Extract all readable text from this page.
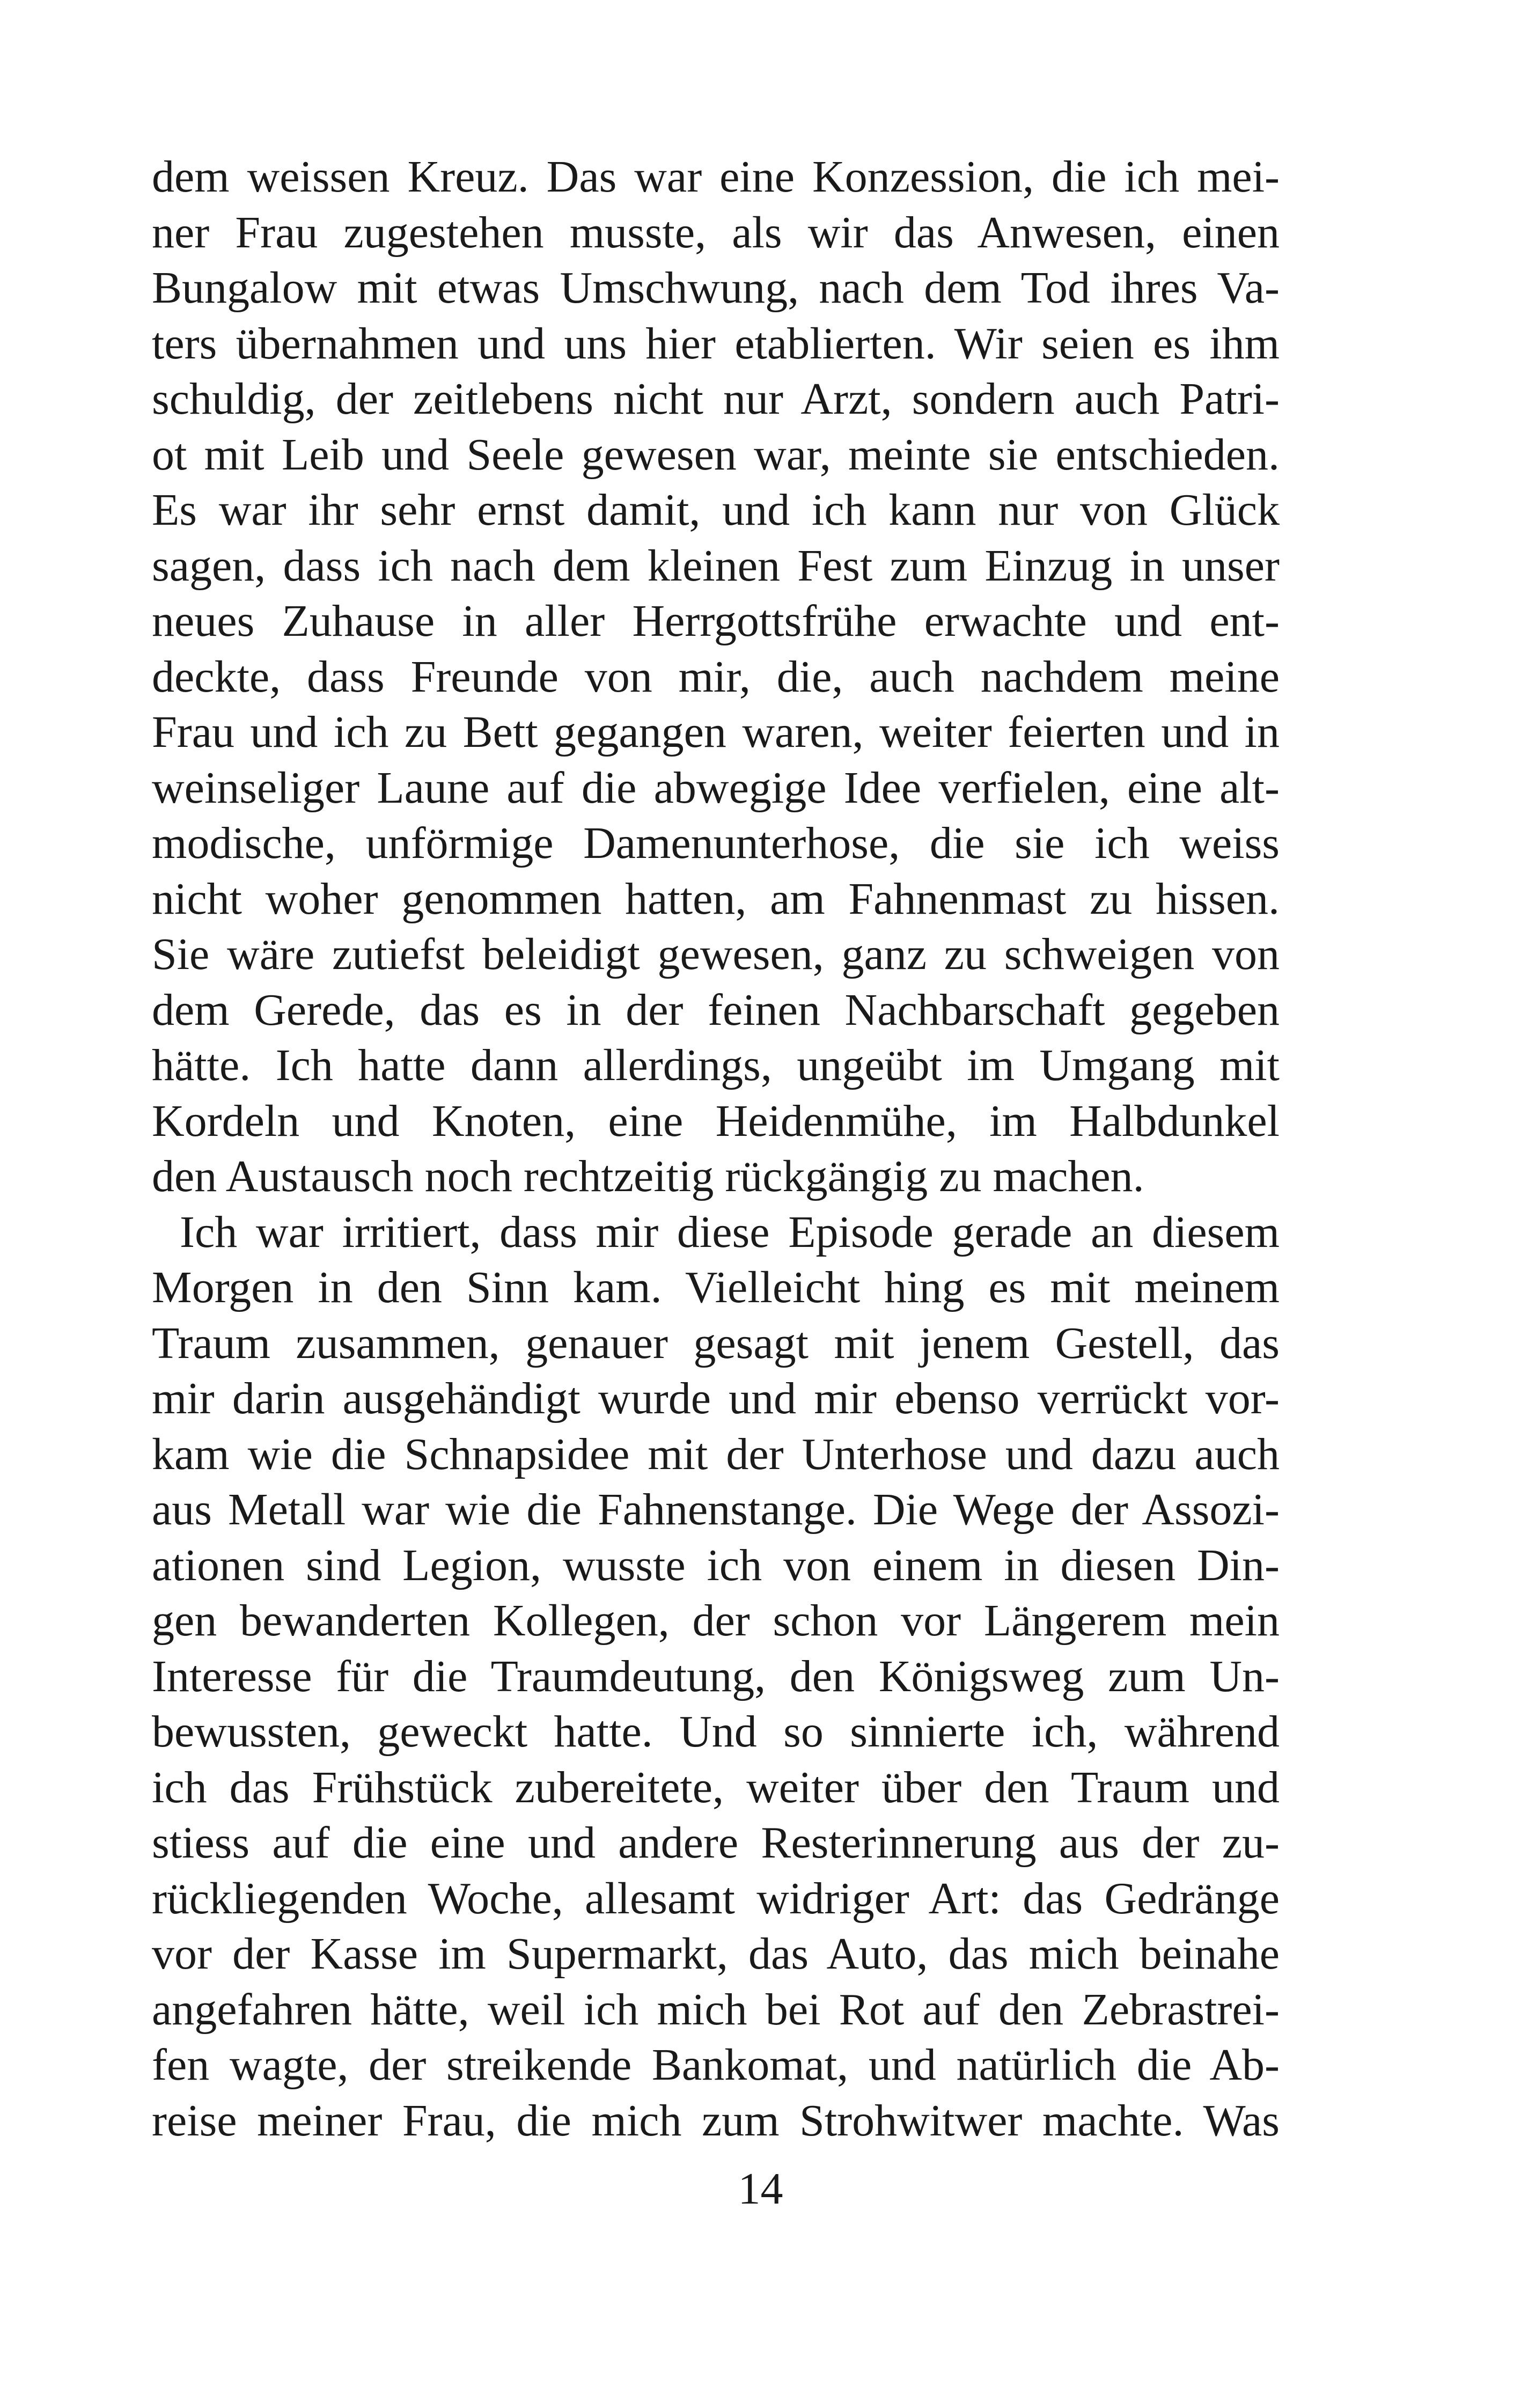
dem weissen Kreuz. Das war eine Konzession, die ich mei-
ner Frau zugestehen musste, als wir das Anwesen, einen
Bungalow mit etwas Umschwung, nach dem Tod ihres Va-
ters übernahmen und uns hier etablierten. Wir seien es ihm
schuldig, der zeitlebens nicht nur Arzt, sondern auch Patri-
ot mit Leib und Seele gewesen war, meinte sie entschieden.
Es war ihr sehr ernst damit, und ich kann nur von Glück
sagen, dass ich nach dem kleinen Fest zum Einzug in unser
neues Zuhause in aller Herrgottsfrühe erwachte und ent-
deckte, dass Freunde von mir, die, auch nachdem meine
Frau und ich zu Bett gegangen waren, weiter feierten und in
weinseliger Laune auf die abwegige Idee verfielen, eine alt-
modische, unförmige Damenunterhose, die sie ich weiss
nicht woher genommen hatten, am Fahnenmast zu hissen.
Sie wäre zutiefst beleidigt gewesen, ganz zu schweigen von
dem Gerede, das es in der feinen Nachbarschaft gegeben
hätte. Ich hatte dann allerdings, ungeübt im Umgang mit
Kordeln und Knoten, eine Heidenmühe, im Halbdunkel
den Austausch noch rechtzeitig rückgängig zu machen.
Ich war irritiert, dass mir diese Episode gerade an diesem
Morgen in den Sinn kam. Vielleicht hing es mit meinem
Traum zusammen, genauer gesagt mit jenem Gestell, das
mir darin ausgehändigt wurde und mir ebenso verrückt vor-
kam wie die Schnapsidee mit der Unterhose und dazu auch
aus Metall war wie die Fahnenstange. Die Wege der Assozi-
ationen sind Legion, wusste ich von einem in diesen Din-
gen bewanderten Kollegen, der schon vor Längerem mein
Interesse für die Traumdeutung, den Königsweg zum Un-
bewussten, geweckt hatte. Und so sinnierte ich, während
ich das Frühstück zubereitete, weiter über den Traum und
stiess auf die eine und andere Resterinnerung aus der zu-
rückliegenden Woche, allesamt widriger Art: das Gedränge
vor der Kasse im Supermarkt, das Auto, das mich beinahe
angefahren hätte, weil ich mich bei Rot auf den Zebrastrei-
fen wagte, der streikende Bankomat, und natürlich die Ab-
reise meiner Frau, die mich zum Strohwitwer machte. Was
14
